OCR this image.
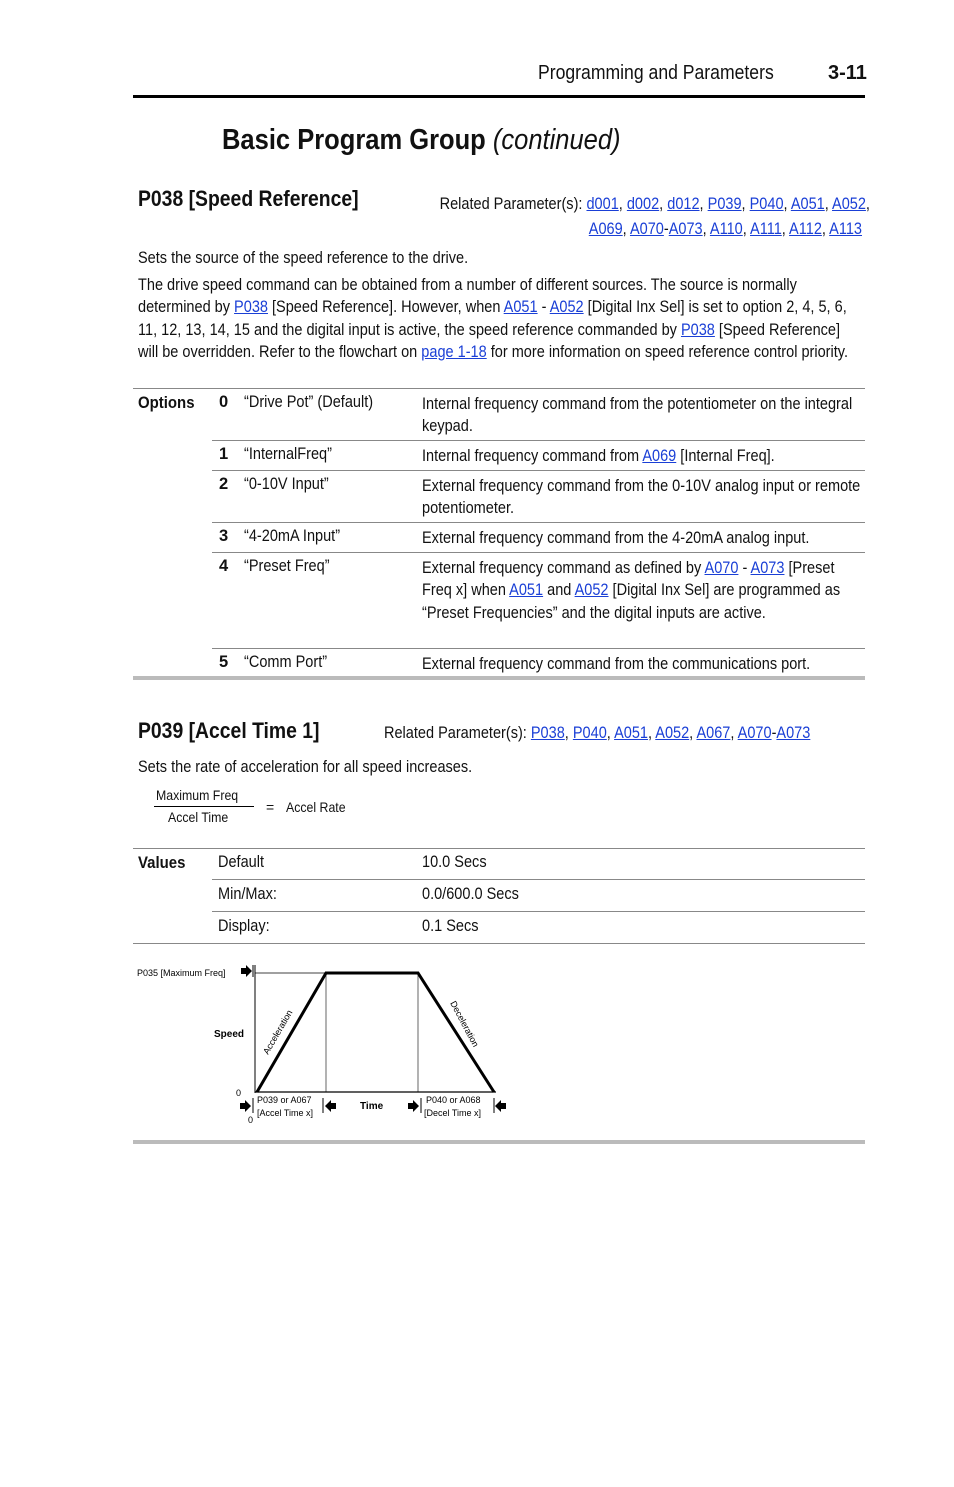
Programming and Parameters	3-11
Basic Program Group (continued)
P038 [Speed Reference]	Related Parameter(s): d001, d002, d012, P039, P040, A051, A052,
A069, A070-A073, A110, A111, A112, A113
Sets the source of the speed reference to the drive.
The drive speed command can be obtained from a number of different sources. The source is normally determined by P038 [Speed Reference]. However, when A051 - A052 [Digital Inx Sel] is set to option 2, 4, 5, 6, 11, 12, 13, 14, 15 and the digital input is active, the speed reference commanded by P038 [Speed Reference] will be overridden. Refer to the flowchart on page 1-18 for more information on speed reference control priority.
Options 0 “Drive Pot” (Default)	Internal frequency command from the potentiometer on the integral keypad.
1 “InternalFreq”	Internal frequency command from A069 [Internal Freq].
2 “0-10V Input”	External frequency command from the 0-10V analog input or remote potentiometer.
3 “4-20mA Input”	External frequency command from the 4-20mA analog input.
4 “Preset Freq”	External frequency command as defined by A070 - A073 [Preset Freq x] when A051 and A052 [Digital Inx Sel] are programmed as “Preset Frequencies” and the digital inputs are active.
5 “Comm Port”	External frequency command from the communications port.
P039 [Accel Time 1]	Related Parameter(s): P038, P040, A051, A052, A067, A070-A073
Sets the rate of acceleration for all speed increases.
Maximum Freq
Accel Time
= Accel Rate
Values Default	10.0 Secs
Min/Max:	0.0/600.0 Secs
Display:	0.1 Secs
P035 [Maximum Freq]
Speed Acceleration	Deceleration
0
0
P039 or A067
[Accel Time x]
Time
P040 or A068
[Decel Time x]
